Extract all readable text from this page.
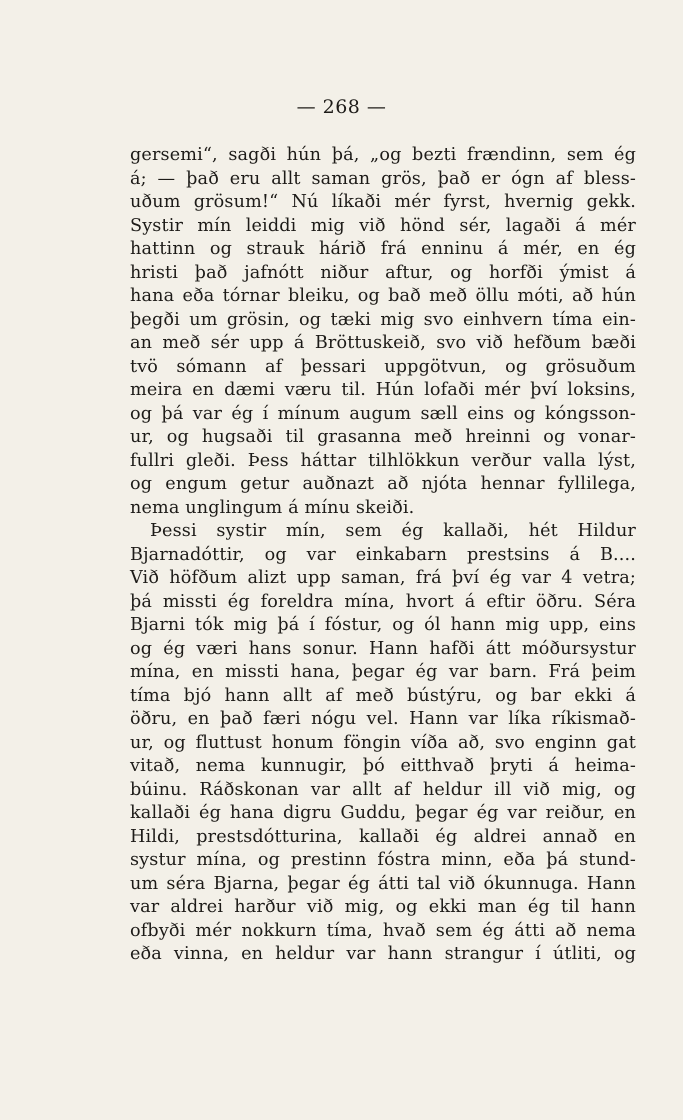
— 268 —
gersemi“, sagði hún þá, „og bezti frændinn, sem ég
á; — það eru allt saman grös, það er ógn af bless-
uðum grösum!“ Nú líkaði mér fyrst, hvernig gekk.
Systir mín leiddi mig við hönd sér, lagaði á mér
hattinn og strauk hárið frá enninu á mér, en ég
hristi það jafnótt niður aftur, og horfði ýmist á
hana eða tórnar bleiku, og bað með öllu móti, að hún
þegði um grösin, og tæki mig svo einhvern tíma ein-
an með sér upp á Bröttuskeið, svo við hefðum bæði
tvö sómann af þessari uppgötvun, og grösuðum
meira en dæmi væru til. Hún lofaði mér því loksins,
og þá var ég í mínum augum sæll eins og kóngsson-
ur, og hugsaði til grasanna með hreinni og vonar-
fullri gleði. Þess háttar tilhlökkun verður valla lýst,
og engum getur auðnazt að njóta hennar fyllilega,
nema unglingum á mínu skeiði.
Þessi systir mín, sem ég kallaði, hét Hildur
Bjarnadóttir, og var einkabarn prestsins á B....
Við höfðum alizt upp saman, frá því ég var 4 vetra;
þá missti ég foreldra mína, hvort á eftir öðru. Séra
Bjarni tók mig þá í fóstur, og ól hann mig upp, eins
og ég væri hans sonur. Hann hafði átt móðursystur
mína, en missti hana, þegar ég var barn. Frá þeim
tíma bjó hann allt af með bústýru, og bar ekki á
öðru, en það færi nógu vel. Hann var líka ríkismað-
ur, og fluttust honum föngin víða að, svo enginn gat
vitað, nema kunnugir, þó eitthvað þryti á heima-
búinu. Ráðskonan var allt af heldur ill við mig, og
kallaði ég hana digru Guddu, þegar ég var reiður, en
Hildi, prestsdótturina, kallaði ég aldrei annað en
systur mína, og prestinn fóstra minn, eða þá stund-
um séra Bjarna, þegar ég átti tal við ókunnuga. Hann
var aldrei harður við mig, og ekki man ég til hann
ofbyði mér nokkurn tíma, hvað sem ég átti að nema
eða vinna, en heldur var hann strangur í útliti, og
